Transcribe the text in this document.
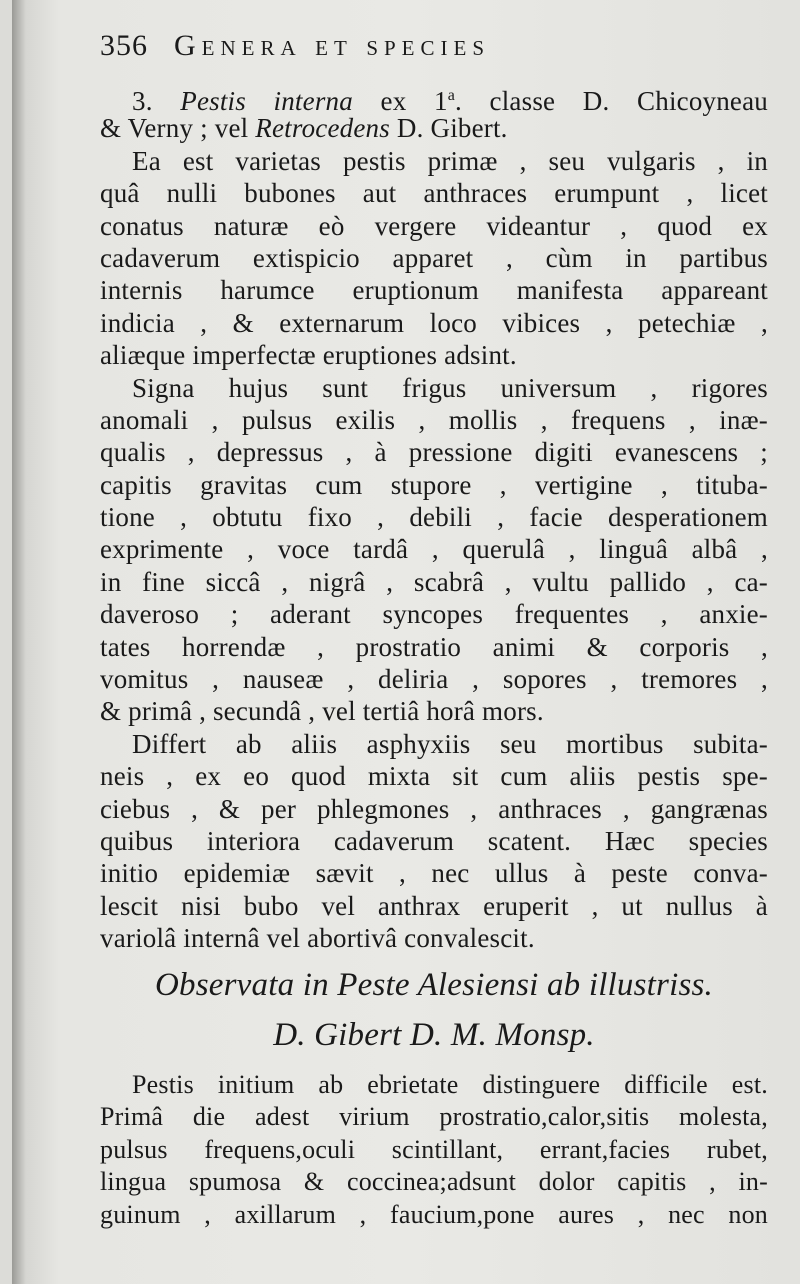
356 Genera et species
3. Pestis interna ex 1$^a$. classe D. Chicoyneau
& Verny ; vel Retrocedens D. Gibert.
Ea est varietas pestis primæ , seu vulgaris , in
quâ nulli bubones aut anthraces erumpunt , licet
conatus naturæ eò vergere videantur , quod ex
cadaverum extispicio apparet , cùm in partibus
internis harumce eruptionum manifesta appareant
indicia , & externarum loco vibices , petechiæ ,
aliæque imperfectæ eruptiones adsint.
Signa hujus sunt frigus universum , rigores
anomali , pulsus exilis , mollis , frequens , inæ-
qualis , depressus , à pressione digiti evanescens ;
capitis gravitas cum stupore , vertigine , tituba-
tione , obtutu fixo , debili , facie desperationem
exprimente , voce tardâ , querulâ , linguâ albâ ,
in fine siccâ , nigrâ , scabrâ , vultu pallido , ca-
daveroso ; aderant syncopes frequentes , anxie-
tates horrendæ , prostratio animi & corporis ,
vomitus , nauseæ , deliria , sopores , tremores ,
& primâ , secundâ , vel tertiâ horâ mors.
Differt ab aliis asphyxiis seu mortibus subita-
neis , ex eo quod mixta sit cum aliis pestis spe-
ciebus , & per phlegmones , anthraces , gangrænas
quibus interiora cadaverum scatent. Hæc species
initio epidemiæ sævit , nec ullus à peste conva-
lescit nisi bubo vel anthrax eruperit , ut nullus à
variolâ internâ vel abortivâ convalescit.
Observata in Peste Alesiensi ab illustriss.
D. Gibert D. M. Monsp.
Pestis initium ab ebrietate distinguere difficile est.
Primâ die adest virium prostratio,calor,sitis molesta,
pulsus frequens,oculi scintillant, errant,facies rubet,
lingua spumosa & coccinea;adsunt dolor capitis , in-
guinum , axillarum , faucium,pone aures , nec non
